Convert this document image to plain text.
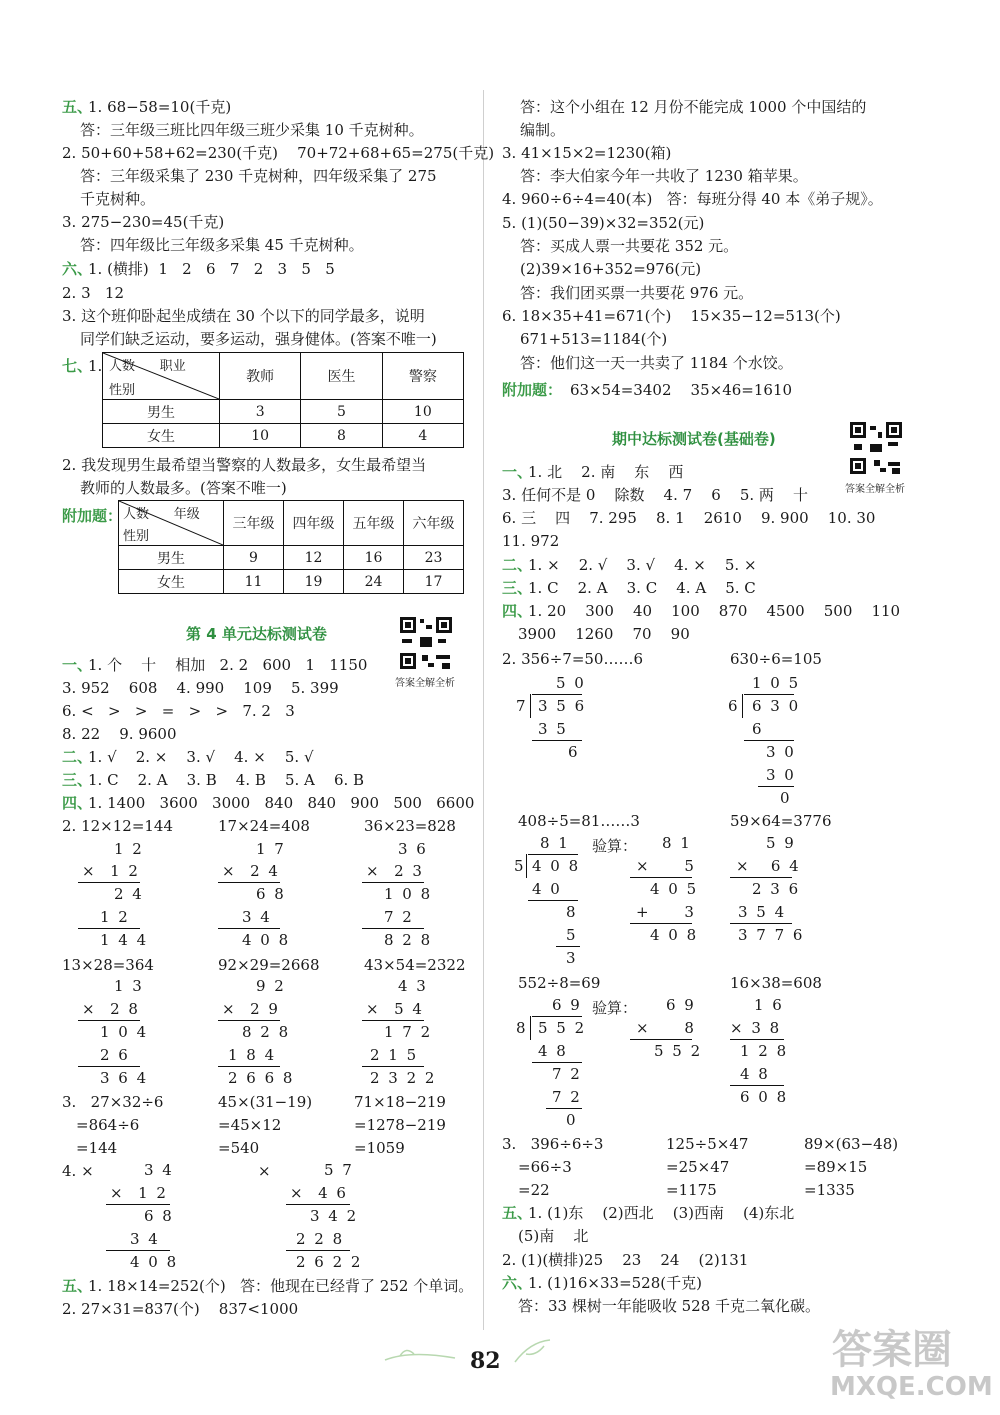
五、
1. 68−58=10(千克)
答：三年级三班比四年级三班少采集 10 千克树种。
2. 50+60+58+62=230(千克)    70+72+68+65=275(千克)
答：三年级采集了 230 千克树种，四年级采集了 275
千克树种。
3. 275−230=45(千克)
答：四年级比三年级多采集 45 千克树种。
六、
1. (横排)  1   2   6   7   2   3   5   5
2. 3   12
3. 这个班仰卧起坐成绩在 30 个以下的同学最多，说明
同学们缺乏运动，要多运动，强身健体。(答案不唯一)
七、
1. 人数      职业
性别	教师	医生	警察
男生	3	5	10
女生	10	8	4
2. 我发现男生最希望当警察的人数最多，女生最希望当
教师的人数最多。(答案不唯一)
附加题： 人数      年级
性别	三年级	四年级	五年级	六年级
男生	9	12	16	23
女生	11	19	24	17
第 4 单元达标测试卷
答案全解全析
一、
1. 个    十    相加   2. 2   600   1   1150
3. 952    608    4. 990    109    5. 399
6. <   >   >   =   >   >   7. 2   3
8. 22    9. 9600
二、
1. √    2. ×    3. √    4. ×    5. √
三、
1. C    2. A    3. B    4. B    5. A    6. B
四、
1. 1400   3600   3000   840   840   900   500   6600
2. 12×12=144	17×24=408	36×23=828
1 2
×  1 2
2 4
1 2
1 4 4
1 7
×  2 4
6 8
3 4
4 0 8
3 6
×  2 3
1 0 8
7 2
8 2 8
13×28=364	92×29=2668	43×54=2322
1 3
×  2 8
1 0 4
2 6
3 6 4
9 2
×  2 9
8 2 8
1 8 4
2 6 6 8
4 3
×  5 4
1 7 2
2 1 5
2 3 2 2
3.   27×32÷6
=864÷6
=144
45×(31−19)
=45×12
=540
71×18−219
=1278−219
=1059
4. ×	3 4
×  1 2
6 8
3 4
4 0 8
×	5 7
×  4 6
3 4 2
2 2 8
2 6 2 2
五、
1. 18×14=252(个)   答：他现在已经背了 252 个单词。
2. 27×31=837(个)    837<1000
答：这个小组在 12 月份不能完成 1000 个中国结的
编制。
3. 41×15×2=1230(箱)
答：李大伯家今年一共收了 1230 箱苹果。
4. 960÷6÷4=40(本)   答：每班分得 40 本《弟子规》。
5. (1)(50−39)×32=352(元)
答：买成人票一共要花 352 元。
(2)39×16+352=976(元)
答：我们团买票一共要花 976 元。
6. 18×35+41=671(个)    15×35−12=513(个)
671+513=1184(个)
答：他们这一天一共卖了 1184 个水饺。
附加题： 63×54=3402    35×46=1610
期中达标测试卷(基础卷)
答案全解全析
一、
1. 北    2. 南    东    西
3. 任何不是 0    除数    4. 7    6    5. 两    十
6. 三    四    7. 295    8. 1    2610    9. 900    10. 30
11. 972
二、
1. ×    2. √    3. √    4. ×    5. ×
三、
1. C    2. A    3. C    4. A    5. C
四、
1. 20    300    40    100    870    4500    500    110
3900    1260    70    90
2. 356÷7=50……6	630÷6=105
5 0
7 3 5 6
3 5
6
1 0 5
6 6 3 0
6
3 0
3 0
0
408÷5=81……3	59×64=3776
验算：
8 1
5 4 0 8
4 0
8
5
3
8 1
×     5
4 0 5
+     3
4 0 8
5 9
×   6 4
2 3 6
3 5 4
3 7 7 6
552÷8=69	16×38=608
验算：
6 9
8 5 5 2
4 8
7 2
7 2
0
6 9
×     8
5 5 2
1 6
× 3 8
1 2 8
4 8
6 0 8
3.   396÷6÷3
=66÷3
=22
125÷5×47
=25×47
=1175
89×(63−48)
=89×15
=1335
五、
1. (1)东    (2)西北    (3)西南    (4)东北
(5)南    北
2. (1)(横排)25    23    24    (2)131
六、
1. (1)16×33=528(千克)
答：33 棵树一年能吸收 528 千克二氧化碳。
82	答案圈
MXQE.COM
